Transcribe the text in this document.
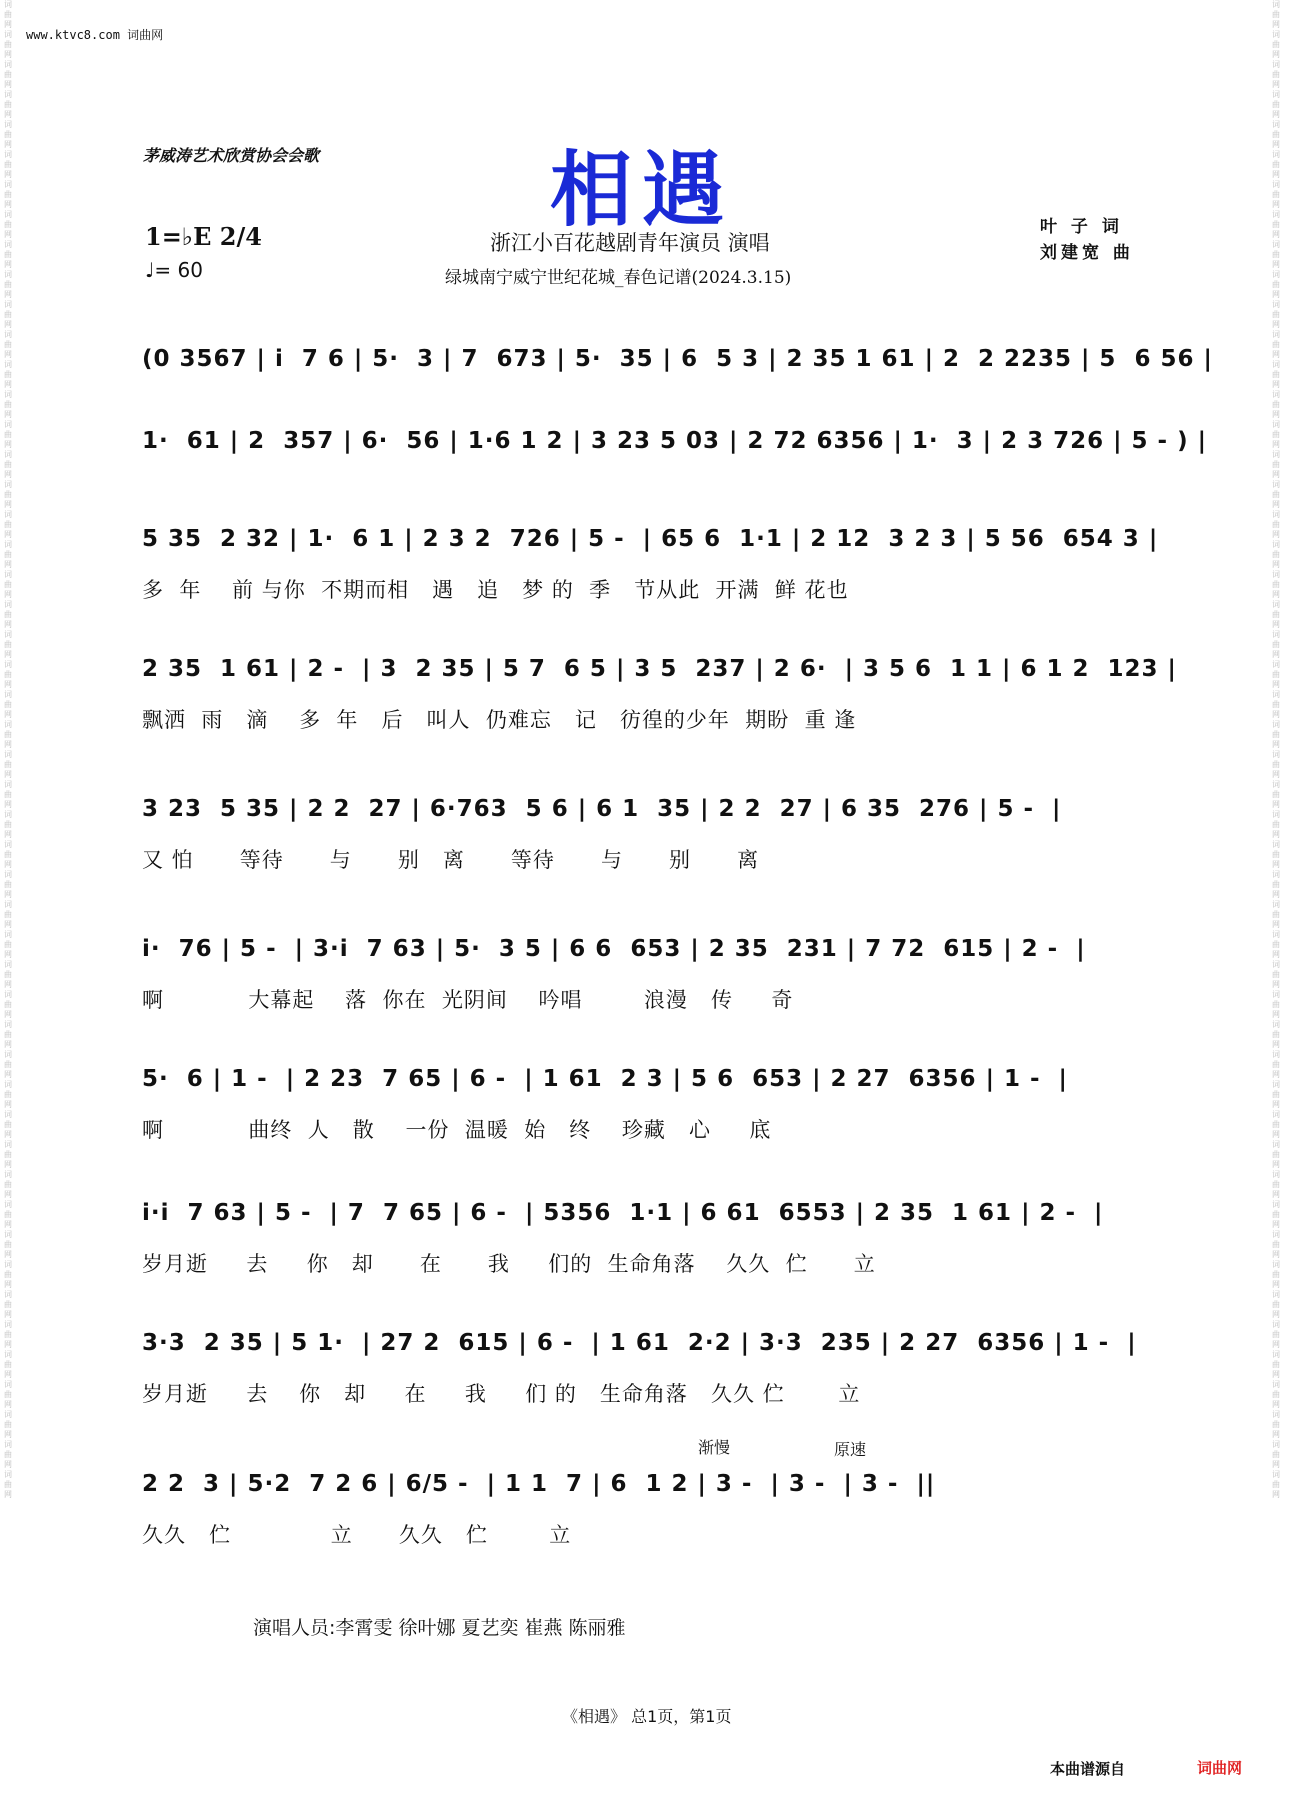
词曲网词曲网词曲网词曲网词曲网词曲网词曲网词曲网词曲网词曲网词曲网词曲网词曲网词曲网词曲网词曲网词曲网词曲网词曲网词曲网词曲网词曲网词曲网词曲网词曲网词曲网词曲网词曲网词曲网词曲网词曲网词曲网词曲网词曲网词曲网词曲网词曲网词曲网词曲网词曲网词曲网词曲网词曲网词曲网词曲网词曲网词曲网词曲网词曲网词曲网
词曲网词曲网词曲网词曲网词曲网词曲网词曲网词曲网词曲网词曲网词曲网词曲网词曲网词曲网词曲网词曲网词曲网词曲网词曲网词曲网词曲网词曲网词曲网词曲网词曲网词曲网词曲网词曲网词曲网词曲网词曲网词曲网词曲网词曲网词曲网词曲网词曲网词曲网词曲网词曲网词曲网词曲网词曲网词曲网词曲网词曲网词曲网词曲网词曲网词曲网
www.ktvc8.com 词曲网
茅威涛艺术欣赏协会会歌	相遇
1=♭E 2/4
♩= 60
浙江小百花越剧青年演员 演唱
绿城南宁威宁世纪花城_春色记谱(2024.3.15)
叶 子 词
刘建宽 曲
(0 3567 | i  7 6 | 5·  3 | 7  673 | 5·  35 | 6  5 3 | 2 35 1 61 | 2  2 2235 | 5  6 56 |
1·  61 | 2  357 | 6·  56 | 1·6 1 2 | 3 23 5 03 | 2 72 6356 | 1·  3 | 2 3 726 | 5 - ) |
5 35  2 32 | 1·  6 1 | 2 3 2  726 | 5 -  | 65 6  1·1 | 2 12  3 2 3 | 5 56  654 3 |
多  年    前 与你  不期而相   遇   追   梦 的  季   节从此  开满  鲜 花也
2 35  1 61 | 2 -  | 3  2 35 | 5 7  6 5 | 3 5  237 | 2 6·  | 3 5 6  1 1 | 6 1 2  123 |
飘洒  雨   滴    多  年   后   叫人  仍难忘   记   彷徨的少年  期盼  重 逢
3 23  5 35 | 2 2  27 | 6·763  5 6 | 6 1  35 | 2 2  27 | 6 35  276 | 5 -  |
又 怕      等待      与      别   离      等待      与      别      离
i·  76 | 5 -  | 3·i  7 63 | 5·  3 5 | 6 6  653 | 2 35  231 | 7 72  615 | 2 -  |
啊           大幕起    落  你在  光阴间    吟唱        浪漫   传     奇
5·  6 | 1 -  | 2 23  7 65 | 6 -  | 1 61  2 3 | 5 6  653 | 2 27  6356 | 1 -  |
啊           曲终  人   散    一份  温暖  始   终    珍藏   心     底
i·i  7 63 | 5 -  | 7  7 65 | 6 -  | 5356  1·1 | 6 61  6553 | 2 35  1 61 | 2 -  |
岁月逝     去     你   却      在      我     们的  生命角落    久久  伫      立
3·3  2 35 | 5 1·  | 27 2  615 | 6 -  | 1 61  2·2 | 3·3  235 | 2 27  6356 | 1 -  |
岁月逝     去    你   却     在     我     们 的   生命角落   久久 伫       立
渐慢	原速
2 2  3 | 5·2  7 2 6 | 6/5 -  | 1 1  7 | 6  1 2 | 3 -  | 3 -  | 3 -  ||
久久   伫             立      久久   伫        立
演唱人员:李霄雯 徐叶娜 夏艺奕 崔燕 陈丽雅
《相遇》 总1页，第1页
本曲谱源自	词曲网
